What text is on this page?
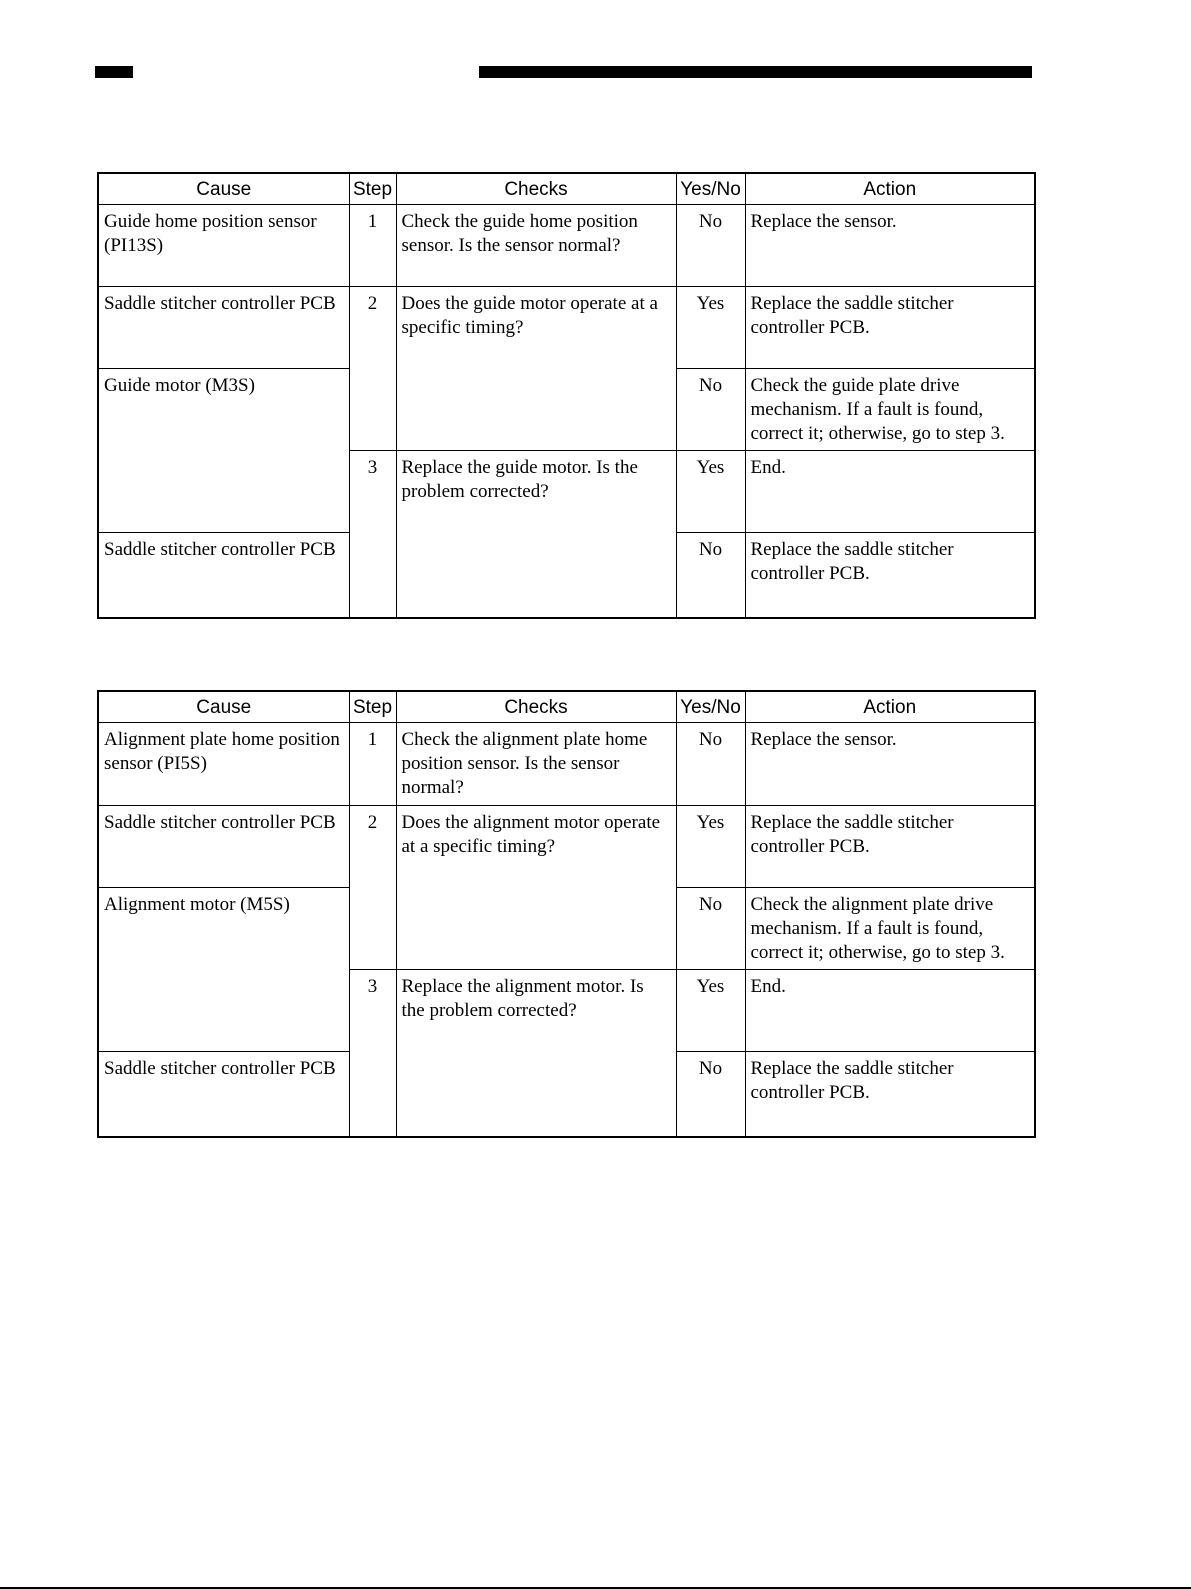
Cause	Step	Checks	Yes/No	Action
Guide home position sensor (PI13S)	1	Check the guide home position sensor. Is the sensor normal?	No	Replace the sensor.
Saddle stitcher controller PCB	2	Does the guide motor operate at a specific timing?	Yes	Replace the saddle stitcher controller PCB.
Guide motor (M3S)			No	Check the guide plate drive mechanism. If a fault is found, correct it; otherwise, go to step 3.
	3	Replace the guide motor. Is the problem corrected?	Yes	End.
Saddle stitcher controller PCB			No	Replace the saddle stitcher controller PCB.
Cause	Step	Checks	Yes/No	Action
Alignment plate home position sensor (PI5S)	1	Check the alignment plate home position sensor. Is the sensor normal?	No	Replace the sensor.
Saddle stitcher controller PCB	2	Does the alignment motor operate at a specific timing?	Yes	Replace the saddle stitcher controller PCB.
Alignment motor (M5S)			No	Check the alignment plate drive mechanism. If a fault is found, correct it; otherwise, go to step 3.
	3	Replace the alignment motor. Is the problem corrected?	Yes	End.
Saddle stitcher controller PCB			No	Replace the saddle stitcher controller PCB.
